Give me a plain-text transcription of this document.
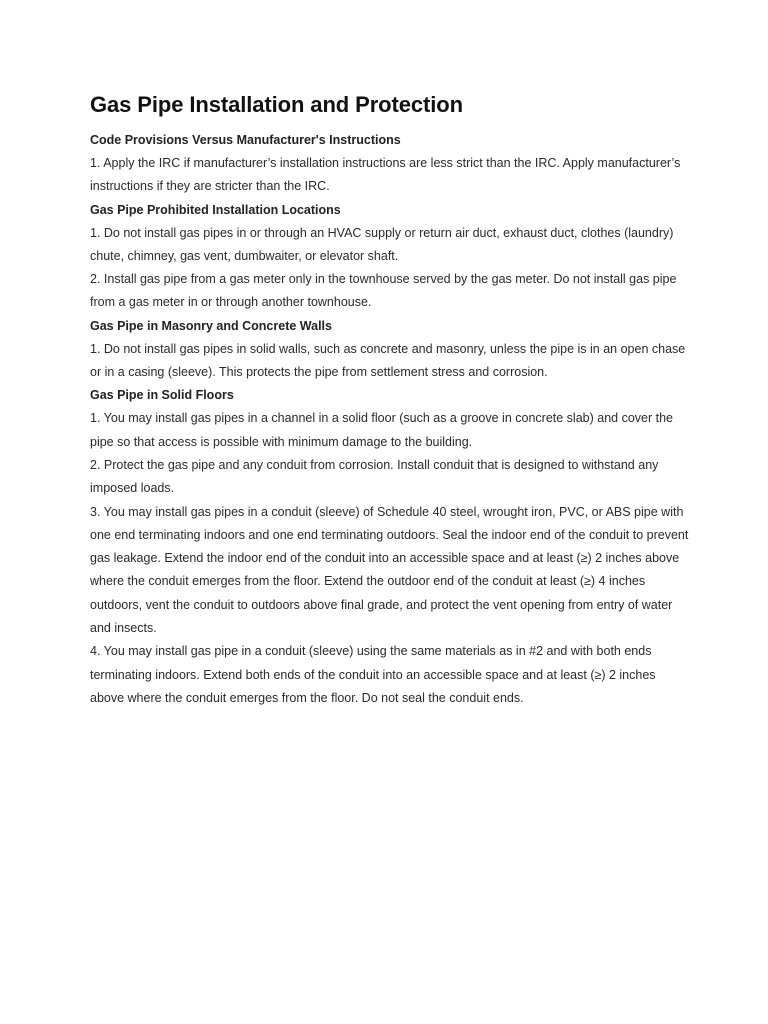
Gas Pipe Installation and Protection

Code Provisions Versus Manufacturer's Instructions

1. Apply the IRC if manufacturer’s installation instructions are less strict than the IRC. Apply manufacturer’s instructions if they are stricter than the IRC.

Gas Pipe Prohibited Installation Locations

1. Do not install gas pipes in or through an HVAC supply or return air duct, exhaust duct, clothes (laundry) chute, chimney, gas vent, dumbwaiter, or elevator shaft.

2. Install gas pipe from a gas meter only in the townhouse served by the gas meter. Do not install gas pipe from a gas meter in or through another townhouse.

Gas Pipe in Masonry and Concrete Walls

1. Do not install gas pipes in solid walls, such as concrete and masonry, unless the pipe is in an open chase or in a casing (sleeve). This protects the pipe from settlement stress and corrosion.

Gas Pipe in Solid Floors

1. You may install gas pipes in a channel in a solid floor (such as a groove in concrete slab) and cover the pipe so that access is possible with minimum damage to the building.

2. Protect the gas pipe and any conduit from corrosion. Install conduit that is designed to withstand any imposed loads.

3. You may install gas pipes in a conduit (sleeve) of Schedule 40 steel, wrought iron, PVC, or ABS pipe with one end terminating indoors and one end terminating outdoors. Seal the indoor end of the conduit to prevent gas leakage. Extend the indoor end of the conduit into an accessible space and at least (≥) 2 inches above where the conduit emerges from the floor. Extend the outdoor end of the conduit at least (≥) 4 inches outdoors, vent the conduit to outdoors above final grade, and protect the vent opening from entry of water and insects.

4. You may install gas pipe in a conduit (sleeve) using the same materials as in #2 and with both ends terminating indoors. Extend both ends of the conduit into an accessible space and at least (≥) 2 inches above where the conduit emerges from the floor. Do not seal the conduit ends.
